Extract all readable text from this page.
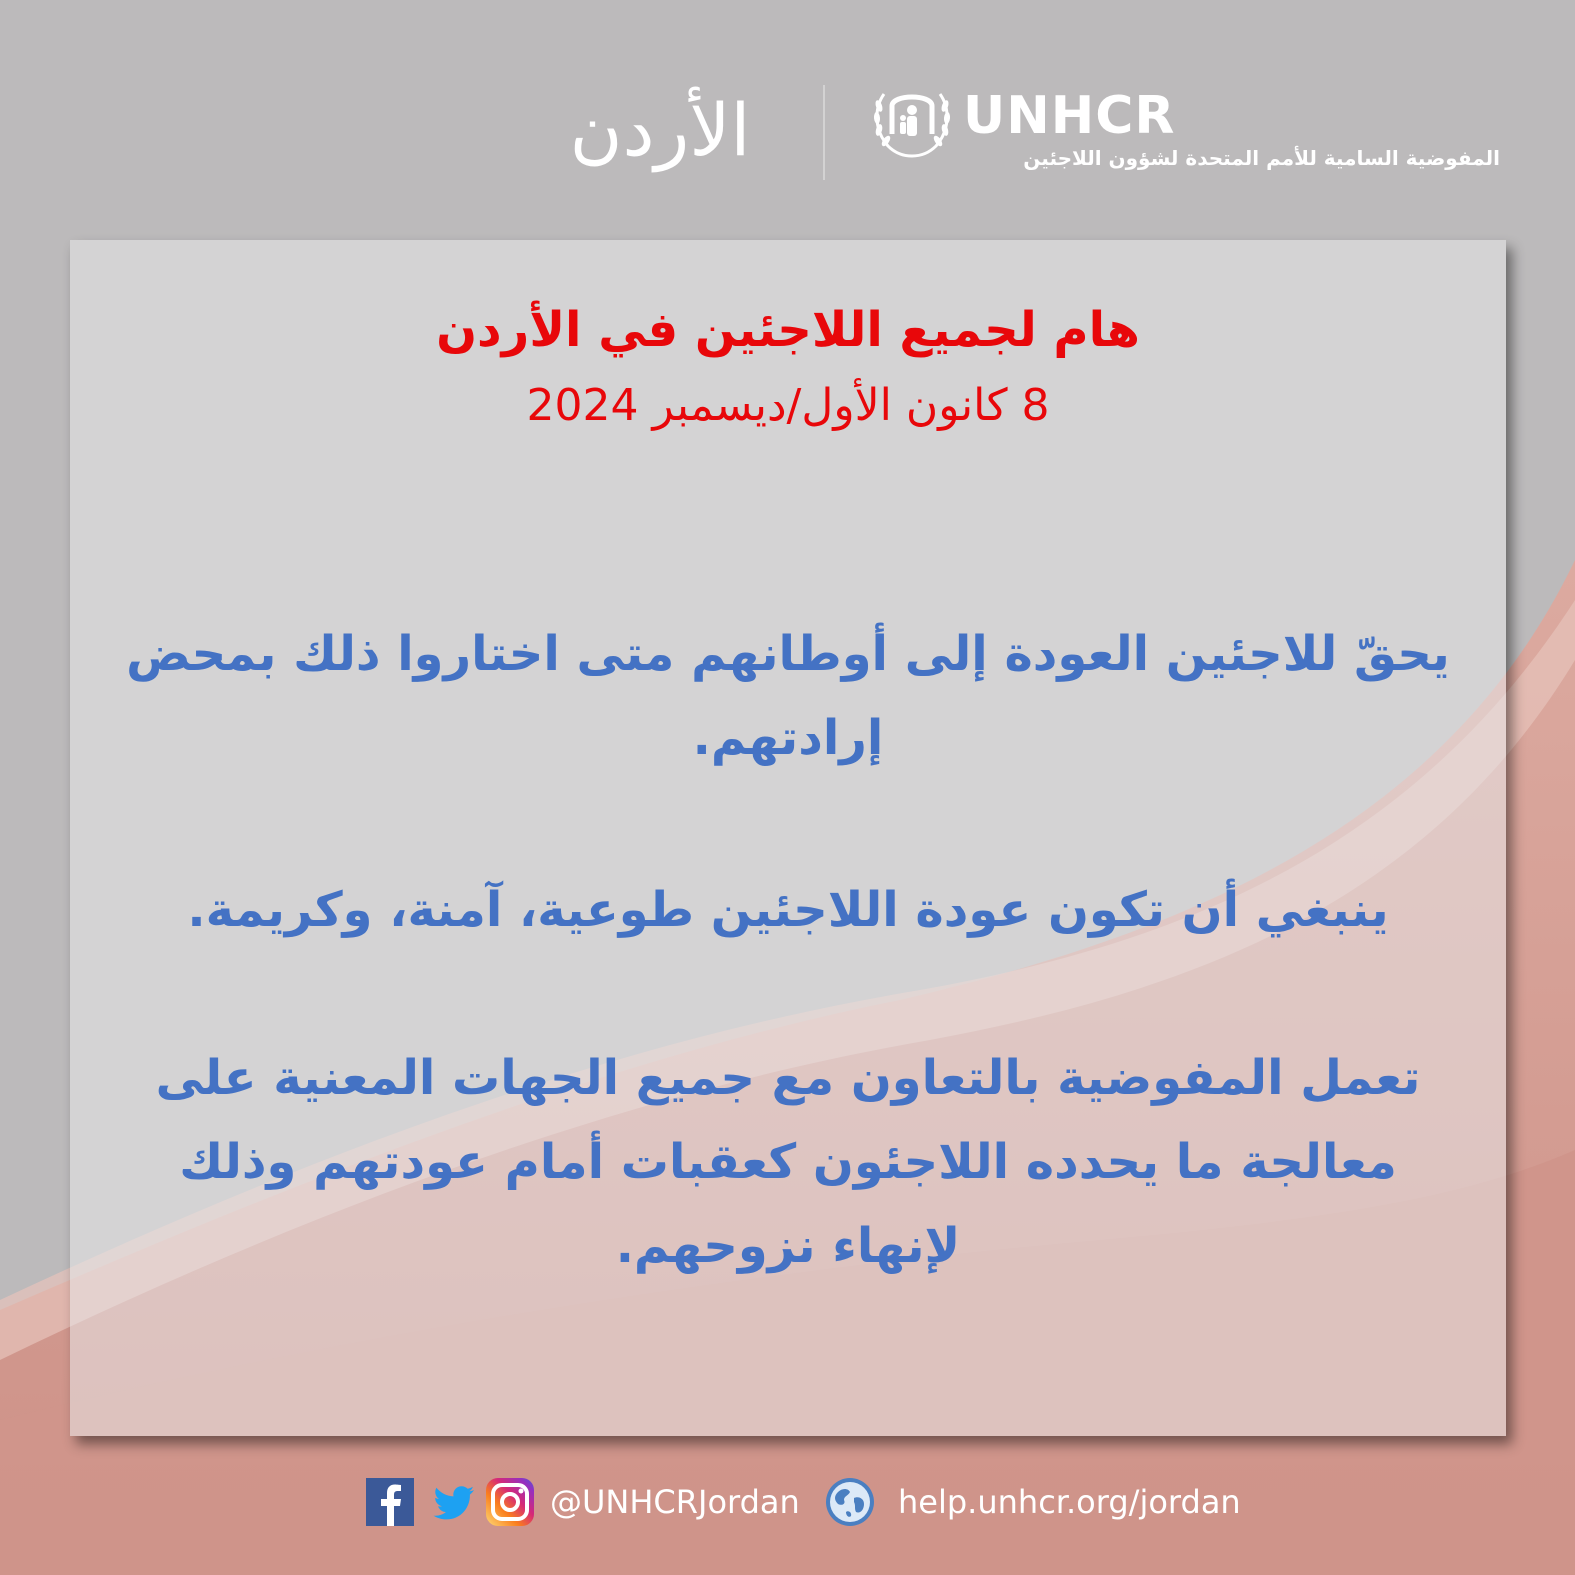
الأردن	UNHCR
المفوضية السامية للأمم المتحدة لشؤون اللاجئين
هام لجميع اللاجئين في الأردن
8 كانون الأول/ديسمبر 2024
يحقّ للاجئين العودة إلى أوطانهم متى اختاروا ذلك بمحض إرادتهم.
ينبغي أن تكون عودة اللاجئين طوعية، آمنة، وكريمة.
تعمل المفوضية بالتعاون مع جميع الجهات المعنية على معالجة ما يحدده اللاجئون كعقبات أمام عودتهم وذلك لإنهاء نزوحهم.
@UNHCRJordan	help.unhcr.org/jordan
